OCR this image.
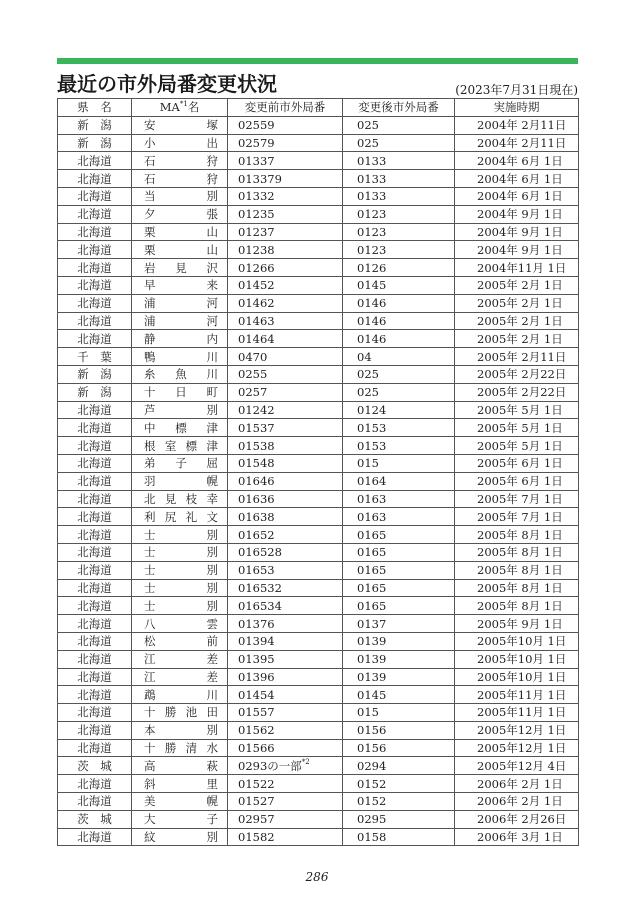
最近の市外局番変更状況	(2023年7月31日現在)
県　名	MA$^{*1}$名	変更前市外局番	変更後市外局番	実施時期
新　潟	安塚	02559	025	2004年 2月11日
新　潟	小出	02579	025	2004年 2月11日
北海道	石狩	01337	0133	2004年 6月 1日
北海道	石狩	013379	0133	2004年 6月 1日
北海道	当別	01332	0133	2004年 6月 1日
北海道	夕張	01235	0123	2004年 9月 1日
北海道	栗山	01237	0123	2004年 9月 1日
北海道	栗山	01238	0123	2004年 9月 1日
北海道	岩見沢	01266	0126	2004年11月 1日
北海道	早来	01452	0145	2005年 2月 1日
北海道	浦河	01462	0146	2005年 2月 1日
北海道	浦河	01463	0146	2005年 2月 1日
北海道	静内	01464	0146	2005年 2月 1日
千　葉	鴨川	0470	04	2005年 2月11日
新　潟	糸魚川	0255	025	2005年 2月22日
新　潟	十日町	0257	025	2005年 2月22日
北海道	芦別	01242	0124	2005年 5月 1日
北海道	中標津	01537	0153	2005年 5月 1日
北海道	根室標津	01538	0153	2005年 5月 1日
北海道	弟子屈	01548	015	2005年 6月 1日
北海道	羽幌	01646	0164	2005年 6月 1日
北海道	北見枝幸	01636	0163	2005年 7月 1日
北海道	利尻礼文	01638	0163	2005年 7月 1日
北海道	士別	01652	0165	2005年 8月 1日
北海道	士別	016528	0165	2005年 8月 1日
北海道	士別	01653	0165	2005年 8月 1日
北海道	士別	016532	0165	2005年 8月 1日
北海道	士別	016534	0165	2005年 8月 1日
北海道	八雲	01376	0137	2005年 9月 1日
北海道	松前	01394	0139	2005年10月 1日
北海道	江差	01395	0139	2005年10月 1日
北海道	江差	01396	0139	2005年10月 1日
北海道	鵡川	01454	0145	2005年11月 1日
北海道	十勝池田	01557	015	2005年11月 1日
北海道	本別	01562	0156	2005年12月 1日
北海道	十勝清水	01566	0156	2005年12月 1日
茨　城	高萩	0293の一部$^{*2}$	0294	2005年12月 4日
北海道	斜里	01522	0152	2006年 2月 1日
北海道	美幌	01527	0152	2006年 2月 1日
茨　城	大子	02957	0295	2006年 2月26日
北海道	紋別	01582	0158	2006年 3月 1日
286
